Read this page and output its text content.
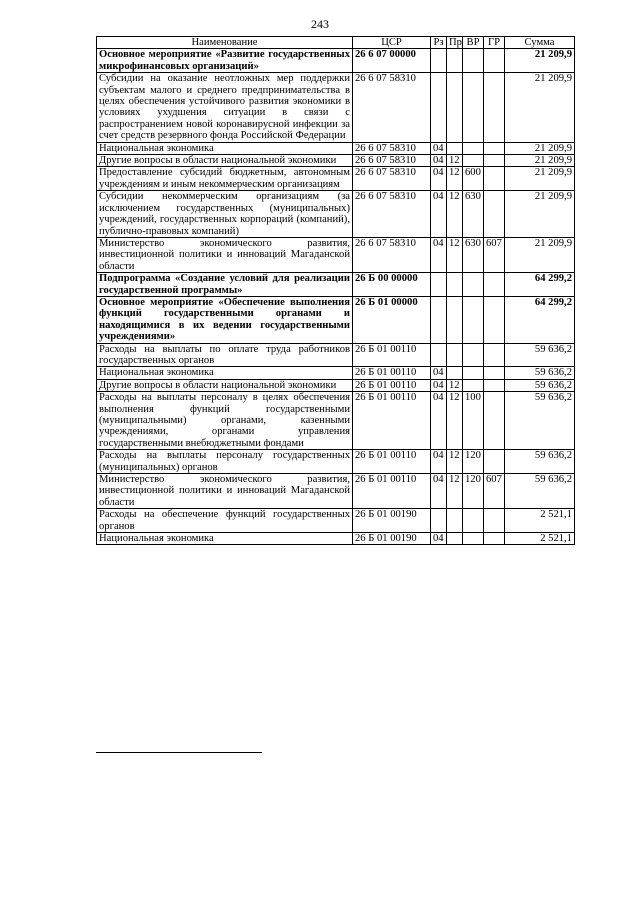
243
Наименование	ЦСР	Рз	Пр	ВР	ГР	Сумма
Основное мероприятие «Развитие государственных микрофинансовых организаций»	26 6 07 00000					21 209,9
Субсидии на оказание неотложных мер поддержки субъектам малого и среднего предпринимательства в целях обеспечения устойчивого развития экономики в условиях ухудшения ситуации в связи с распространением новой коронавирусной инфекции за счет средств резервного фонда Российской Федерации	26 6 07 58310					21 209,9
Национальная экономика	26 6 07 58310	04				21 209,9
Другие вопросы в области национальной экономики	26 6 07 58310	04	12			21 209,9
Предоставление субсидий бюджетным, автономным учреждениям и иным некоммерческим организациям	26 6 07 58310	04	12	600		21 209,9
Субсидии некоммерческим организациям (за исключением государственных (муниципальных) учреждений, государственных корпораций (компаний), публично-правовых компаний)	26 6 07 58310	04	12	630		21 209,9
Министерство экономического развития, инвестиционной политики и инноваций Магаданской области	26 6 07 58310	04	12	630	607	21 209,9
Подпрограмма «Создание условий для реализации государственной программы»	26 Б 00 00000					64 299,2
Основное мероприятие «Обеспечение выполнения функций государственными органами и находящимися в их ведении государственными учреждениями»	26 Б 01 00000					64 299,2
Расходы на выплаты по оплате труда работников государственных органов	26 Б 01 00110					59 636,2
Национальная экономика	26 Б 01 00110	04				59 636,2
Другие вопросы в области национальной экономики	26 Б 01 00110	04	12			59 636,2
Расходы на выплаты персоналу в целях обеспечения выполнения функций государственными (муниципальными) органами, казенными учреждениями, органами управления государственными внебюджетными фондами	26 Б 01 00110	04	12	100		59 636,2
Расходы на выплаты персоналу государственных (муниципальных) органов	26 Б 01 00110	04	12	120		59 636,2
Министерство экономического развития, инвестиционной политики и инноваций Магаданской области	26 Б 01 00110	04	12	120	607	59 636,2
Расходы на обеспечение функций государственных органов	26 Б 01 00190					2 521,1
Национальная экономика	26 Б 01 00190	04				2 521,1
